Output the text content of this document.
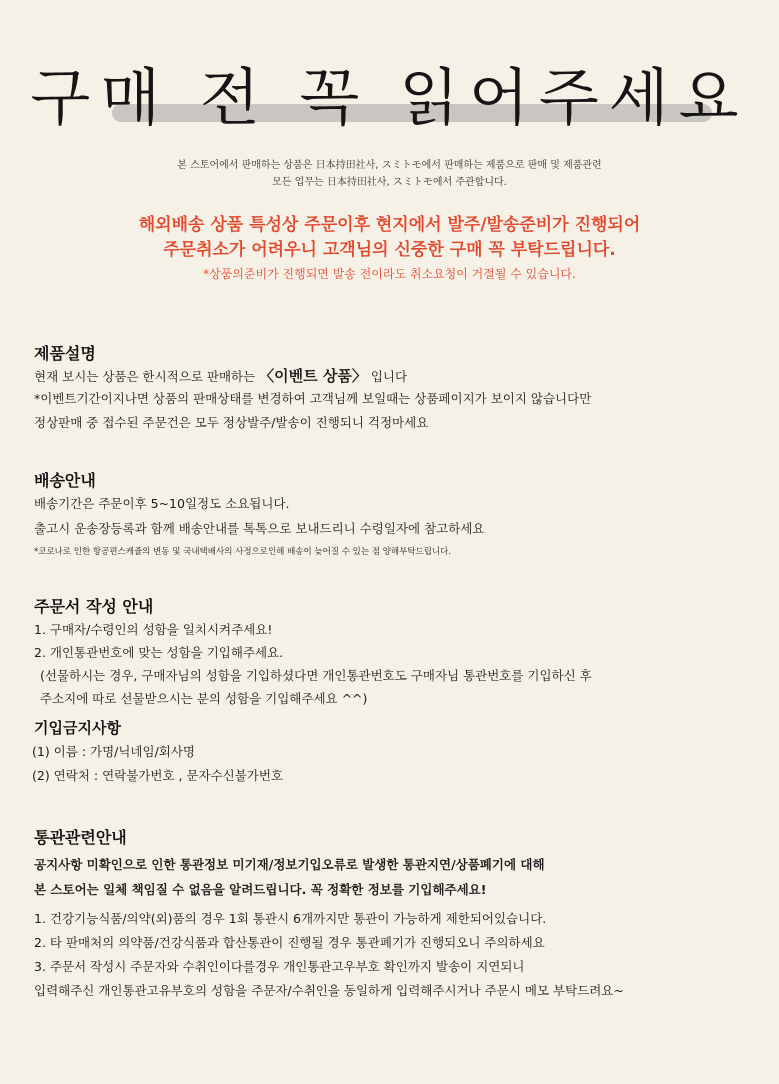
구매 전 꼭 읽어주세요
본 스토어에서 판매하는 상품은 日本持田社사, スミトモ에서 판매하는 제품으로 판매 및 제품관련
모든 업무는 日本持田社사, スミトモ에서 주관합니다.
해외배송 상품 특성상 주문이후 현지에서 발주/발송준비가 진행되어
주문취소가 어려우니 고객님의 신중한 구매 꼭 부탁드립니다.
*상품의준비가 진행되면 발송 전이라도 취소요청이 거절될 수 있습니다.
제품설명
현재 보시는 상품은 한시적으로 판매하는 〈이벤트 상품〉 입니다
*이벤트기간이지나면 상품의 판매상태를 변경하여 고객님께 보일때는 상품페이지가 보이지 않습니다만
정상판매 중 접수된 주문건은 모두 정상발주/발송이 진행되니 걱정마세요
배송안내
배송기간은 주문이후 5~10일정도 소요됩니다.
출고시 운송장등록과 함께 배송안내를 톡톡으로 보내드리니 수령일자에 참고하세요
*코로나로 인한 항공편스케쥴의 변동 및 국내택배사의 사정으로인해 배송이 늦어질 수 있는 점 양해부탁드립니다.
주문서 작성 안내
1. 구매자/수령인의 성함을 일치시켜주세요!
2. 개인통관번호에 맞는 성함을 기입해주세요.
(선물하시는 경우, 구매자님의 성함을 기입하셨다면 개인통관번호도 구매자님 통관번호를 기입하신 후
주소지에 따로 선물받으시는 분의 성함을 기입해주세요 ^^)
기입금지사항
(1) 이름 : 가명/닉네임/회사명
(2) 연락처 : 연락불가번호 , 문자수신불가번호
통관관련안내
공지사항 미확인으로 인한 통관정보 미기재/정보기입오류로 발생한 통관지연/상품폐기에 대해
본 스토어는 일체 책임질 수 없음을 알려드립니다. 꼭 정확한 정보를 기입해주세요!
1. 건강기능식품/의약(외)품의 경우 1회 통관시 6개까지만 통관이 가능하게 제한되어있습니다.
2. 타 판매처의 의약품/건강식품과 합산통관이 진행될 경우 통관폐기가 진행되오니 주의하세요
3. 주문서 작성시 주문자와 수취인이다를경우 개인통관고우부호 확인까지 발송이 지연되니
입력해주신 개인통관고유부호의 성함을 주문자/수취인을 동일하게 입력해주시거나 주문시 메모 부탁드려요~
